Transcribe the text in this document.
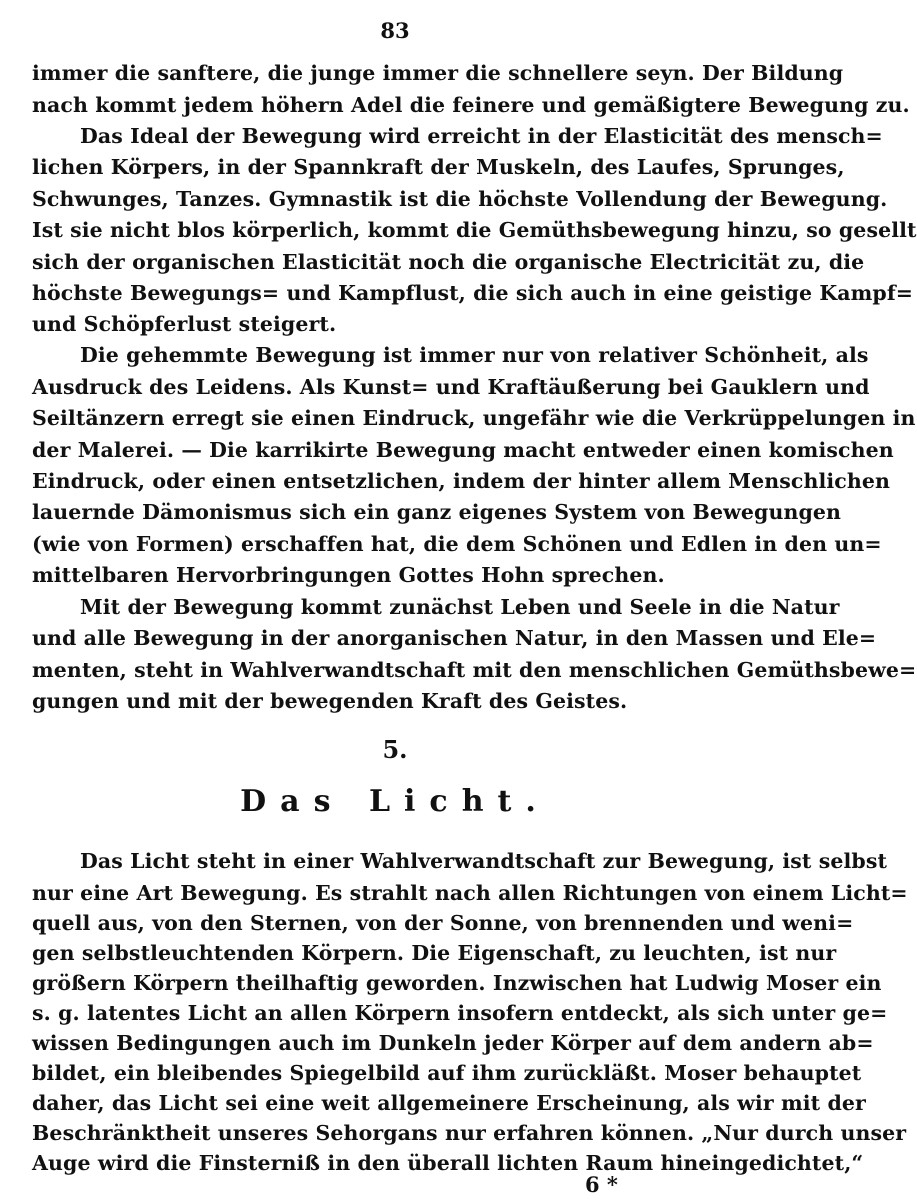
83
immer die sanftere, die junge immer die schnellere seyn. Der Bildung
nach kommt jedem höhern Adel die feinere und gemäßigtere Bewegung zu.
Das Ideal der Bewegung wird erreicht in der Elasticität des mensch=
lichen Körpers, in der Spannkraft der Muskeln, des Laufes, Sprunges,
Schwunges, Tanzes. Gymnastik ist die höchste Vollendung der Bewegung.
Ist sie nicht blos körperlich, kommt die Gemüthsbewegung hinzu, so gesellt
sich der organischen Elasticität noch die organische Electricität zu, die
höchste Bewegungs= und Kampflust, die sich auch in eine geistige Kampf=
und Schöpferlust steigert.
Die gehemmte Bewegung ist immer nur von relativer Schönheit, als
Ausdruck des Leidens. Als Kunst= und Kraftäußerung bei Gauklern und
Seiltänzern erregt sie einen Eindruck, ungefähr wie die Verkrüppelungen in
der Malerei. — Die karrikirte Bewegung macht entweder einen komischen
Eindruck, oder einen entsetzlichen, indem der hinter allem Menschlichen
lauernde Dämonismus sich ein ganz eigenes System von Bewegungen
(wie von Formen) erschaffen hat, die dem Schönen und Edlen in den un=
mittelbaren Hervorbringungen Gottes Hohn sprechen.
Mit der Bewegung kommt zunächst Leben und Seele in die Natur
und alle Bewegung in der anorganischen Natur, in den Massen und Ele=
menten, steht in Wahlverwandtschaft mit den menschlichen Gemüthsbewe=
gungen und mit der bewegenden Kraft des Geistes.
5.
Das Licht.
Das Licht steht in einer Wahlverwandtschaft zur Bewegung, ist selbst
nur eine Art Bewegung. Es strahlt nach allen Richtungen von einem Licht=
quell aus, von den Sternen, von der Sonne, von brennenden und weni=
gen selbstleuchtenden Körpern. Die Eigenschaft, zu leuchten, ist nur
größern Körpern theilhaftig geworden. Inzwischen hat Ludwig Moser ein
s. g. latentes Licht an allen Körpern insofern entdeckt, als sich unter ge=
wissen Bedingungen auch im Dunkeln jeder Körper auf dem andern ab=
bildet, ein bleibendes Spiegelbild auf ihm zurückläßt. Moser behauptet
daher, das Licht sei eine weit allgemeinere Erscheinung, als wir mit der
Beschränktheit unseres Sehorgans nur erfahren können. „Nur durch unser
Auge wird die Finsterniß in den überall lichten Raum hineingedichtet,“
6 *
